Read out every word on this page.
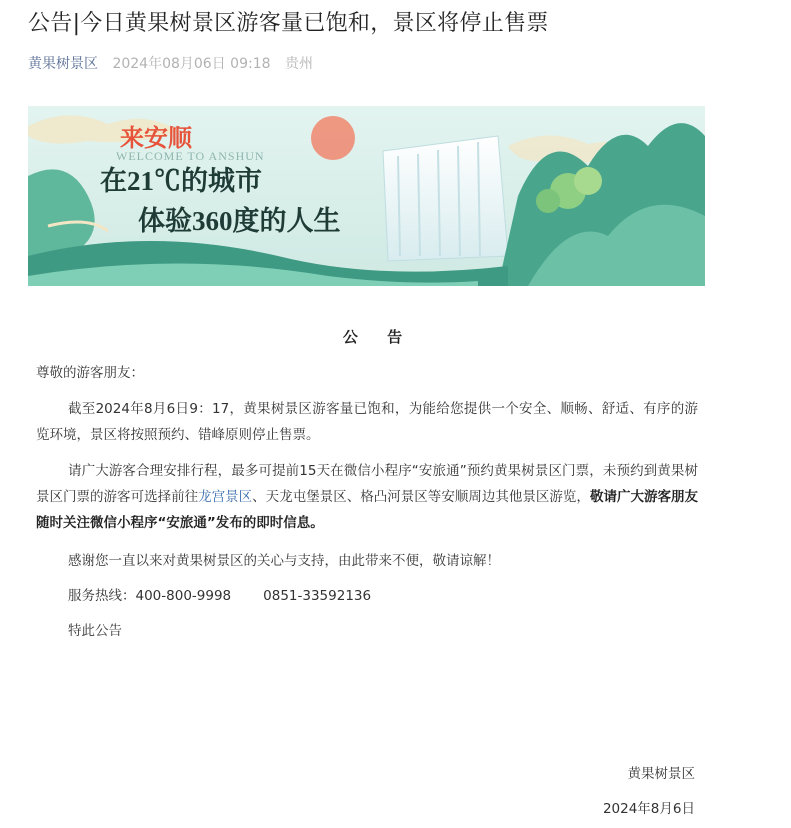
公告|今日黄果树景区游客量已饱和，景区将停止售票
黄果树景区 2024年08月06日 09:18 贵州
来安顺
WELCOME TO ANSHUN
在21℃的城市
体验360度的人生
公 告
尊敬的游客朋友：
截至2024年8月6日9：17，黄果树景区游客量已饱和，为能给您提供一个安全、顺畅、舒适、有序的游览环境，景区将按照预约、错峰原则停止售票。
请广大游客合理安排行程，最多可提前15天在微信小程序“安旅通”预约黄果树景区门票，未预约到黄果树景区门票的游客可选择前往龙宫景区、天龙屯堡景区、格凸河景区等安顺周边其他景区游览，敬请广大游客朋友随时关注微信小程序“安旅通”发布的即时信息。
感谢您一直以来对黄果树景区的关心与支持，由此带来不便，敬请谅解！
服务热线：400-800-9998 0851-33592136
特此公告
黄果树景区
2024年8月6日
